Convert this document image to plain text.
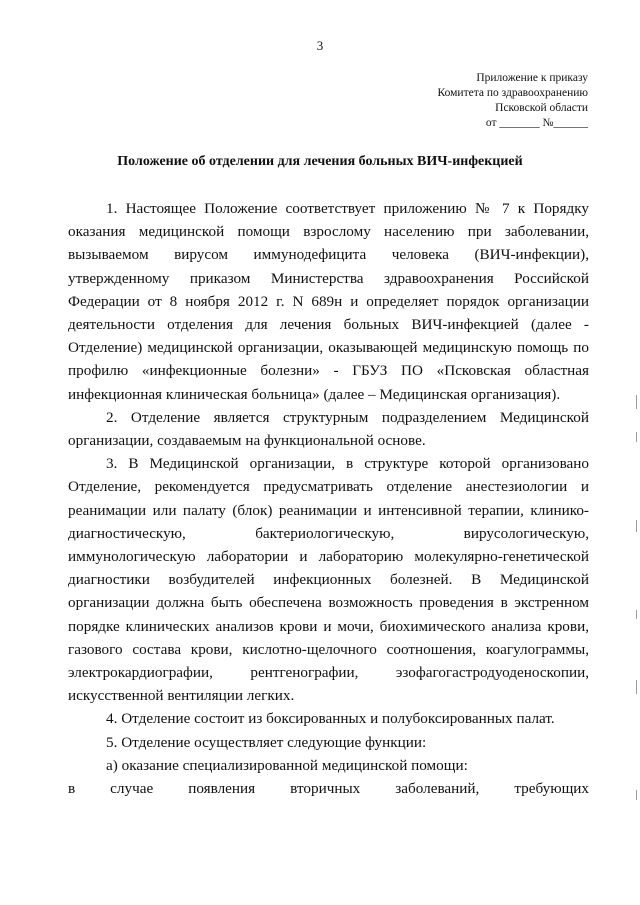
3
Приложение к приказу
Комитета по здравоохранению
Псковской области
от _______ №______
Положение об отделении для лечения больных ВИЧ-инфекцией

1. Настоящее Положение соответствует приложению № 7 к Порядку оказания медицинской помощи взрослому населению при заболевании, вызываемом вирусом иммунодефицита человека (ВИЧ-инфекции), утвержденному приказом Министерства здравоохранения Российской Федерации от 8 ноября 2012 г. N 689н и определяет порядок организации деятельности отделения для лечения больных ВИЧ-инфекцией (далее - Отделение) медицинской организации, оказывающей медицинскую помощь по профилю «инфекционные болезни» - ГБУЗ ПО «Псковская областная инфекционная клиническая больница» (далее – Медицинская организация).

2. Отделение является структурным подразделением Медицинской организации, создаваемым на функциональной основе.

3. В Медицинской организации, в структуре которой организовано Отделение, рекомендуется предусматривать отделение анестезиологии и реанимации или палату (блок) реанимации и интенсивной терапии, клинико-диагностическую, бактериологическую, вирусологическую, иммунологическую лаборатории и лабораторию молекулярно-генетической диагностики возбудителей инфекционных болезней. В Медицинской организации должна быть обеспечена возможность проведения в экстренном порядке клинических анализов крови и мочи, биохимического анализа крови, газового состава крови, кислотно-щелочного соотношения, коагулограммы, электрокардиографии, рентгенографии, эзофагогастродуоденоскопии, искусственной вентиляции легких.

4. Отделение состоит из боксированных и полубоксированных палат.

5. Отделение осуществляет следующие функции:

а) оказание специализированной медицинской помощи:

в случае появления вторичных заболеваний, требующих
